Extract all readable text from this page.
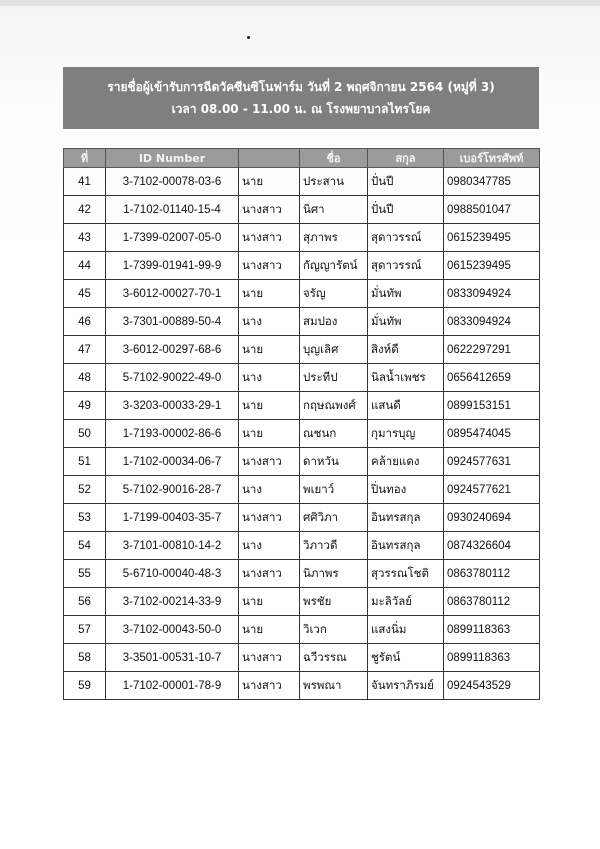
รายชื่อผู้เข้ารับการฉีดวัคซีนซิโนฟาร์ม วันที่ 2 พฤศจิกายน 2564 (หมู่ที่ 3)
เวลา 08.00 - 11.00 น. ณ โรงพยาบาลไทรโยค
ที่	ID Number		ชื่อ	สกุล	เบอร์โทรศัพท์
41	3-7102-00078-03-6	นาย	ประสาน	ปั่นปี	0980347785
42	1-7102-01140-15-4	นางสาว	นิศา	ปั่นปี	0988501047
43	1-7399-02007-05-0	นางสาว	สุภาพร	สุดาวรรณ์	0615239495
44	1-7399-01941-99-9	นางสาว	กัญญารัตน์	สุดาวรรณ์	0615239495
45	3-6012-00027-70-1	นาย	จรัญ	มั่นทัพ	0833094924
46	3-7301-00889-50-4	นาง	สมปอง	มั่นทัพ	0833094924
47	3-6012-00297-68-6	นาย	บุญเลิศ	สิงห์ดี	0622297291
48	5-7102-90022-49-0	นาง	ประทีป	นิลน้ำเพชร	0656412659
49	3-3203-00033-29-1	นาย	กฤษณพงศ์	แสนดี	0899153151
50	1-7193-00002-86-6	นาย	ณชนก	กุมารบุญ	0895474045
51	1-7102-00034-06-7	นางสาว	ดาหวัน	คล้ายแดง	0924577631
52	5-7102-90016-28-7	นาง	พเยาว์	ปิ่นทอง	0924577621
53	1-7199-00403-35-7	นางสาว	ศศิวิภา	อินทรสกุล	0930240694
54	3-7101-00810-14-2	นาง	วิภาวดี	อินทรสกุล	0874326604
55	5-6710-00040-48-3	นางสาว	นิภาพร	สุวรรณโชติ	0863780112
56	3-7102-00214-33-9	นาย	พรชัย	มะลิวัลย์	0863780112
57	3-7102-00043-50-0	นาย	วิเวก	แสงนิ่ม	0899118363
58	3-3501-00531-10-7	นางสาว	ฉวีวรรณ	ชูรัตน์	0899118363
59	1-7102-00001-78-9	นางสาว	พรพณา	จันทราภิรมย์	0924543529
